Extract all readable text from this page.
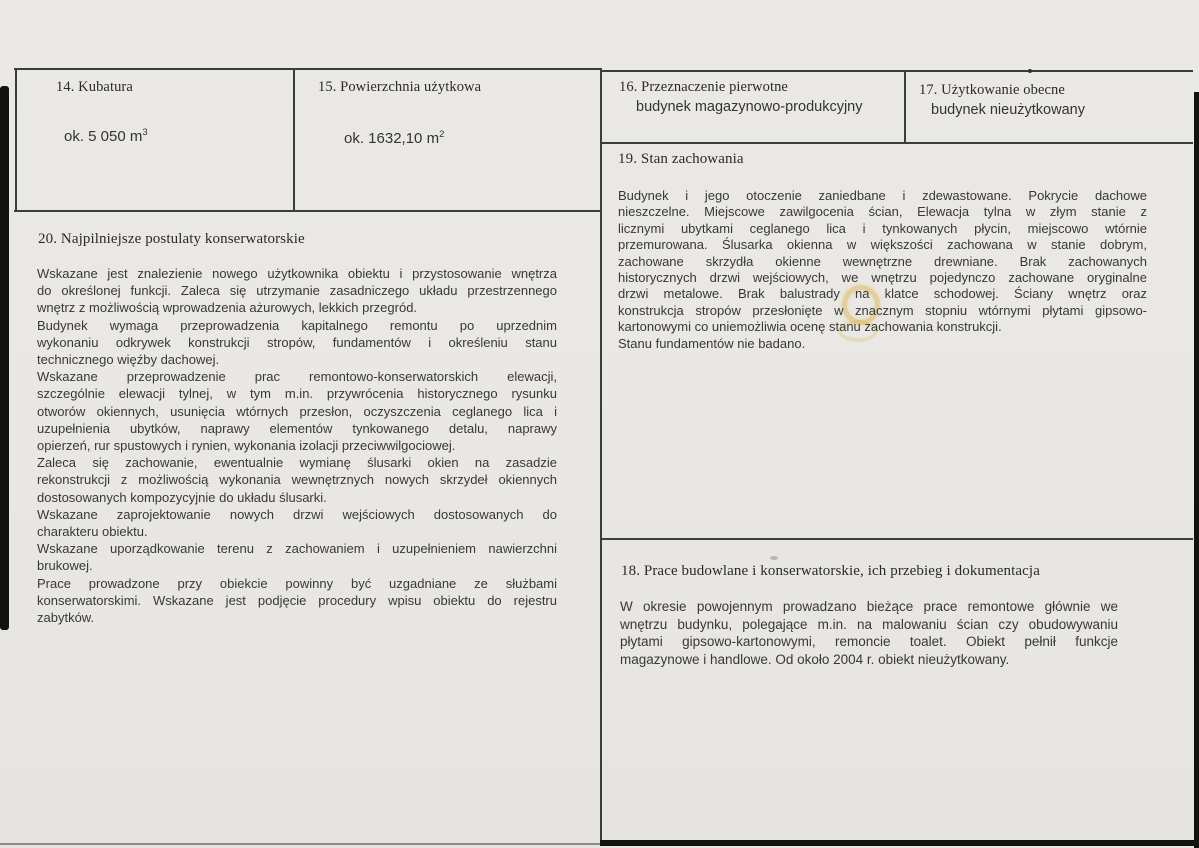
14. Kubatura
ok. 5 050 $m^3$
15. Powierzchnia użytkowa
ok. 1632,10 $m^2$
16. Przeznaczenie pierwotne
budynek magazynowo-produkcyjny
17. Użytkowanie obecne
budynek nieużytkowany
19. Stan zachowania
Budynek i jego otoczenie zaniedbane i zdewastowane. Pokrycie dachowe
nieszczelne. Miejscowe zawilgocenia ścian, Elewacja tylna w złym stanie z
licznymi ubytkami ceglanego lica i tynkowanych płycin, miejscowo wtórnie
przemurowana. Ślusarka okienna w większości zachowana w stanie dobrym,
zachowane skrzydła okienne wewnętrzne drewniane. Brak zachowanych
historycznych drzwi wejściowych, we wnętrzu pojedynczo zachowane oryginalne
drzwi metalowe. Brak balustrady na klatce schodowej. Ściany wnętrz oraz
konstrukcja stropów przesłonięte w znacznym stopniu wtórnymi płytami gipsowo-
kartonowymi co uniemożliwia ocenę stanu zachowania konstrukcji.
Stanu fundamentów nie badano.
20. Najpilniejsze postulaty konserwatorskie
Wskazane jest znalezienie nowego użytkownika obiektu i przystosowanie wnętrza
do określonej funkcji. Zaleca się utrzymanie zasadniczego układu przestrzennego
wnętrz z możliwością wprowadzenia ażurowych, lekkich przegród.
Budynek wymaga przeprowadzenia kapitalnego remontu po uprzednim
wykonaniu odkrywek konstrukcji stropów, fundamentów i określeniu stanu
technicznego więźby dachowej.
Wskazane przeprowadzenie prac remontowo-konserwatorskich elewacji,
szczególnie elewacji tylnej, w tym m.in. przywrócenia historycznego rysunku
otworów okiennych, usunięcia wtórnych przesłon, oczyszczenia ceglanego lica i
uzupełnienia ubytków, naprawy elementów tynkowanego detalu, naprawy
opierzeń, rur spustowych i rynien, wykonania izolacji przeciwwilgociowej.
Zaleca się zachowanie, ewentualnie wymianę ślusarki okien na zasadzie
rekonstrukcji z możliwością wykonania wewnętrznych nowych skrzydeł okiennych
dostosowanych kompozycyjnie do układu ślusarki.
Wskazane zaprojektowanie nowych drzwi wejściowych dostosowanych do
charakteru obiektu.
Wskazane uporządkowanie terenu z zachowaniem i uzupełnieniem nawierzchni
brukowej.
Prace prowadzone przy obiekcie powinny być uzgadniane ze służbami
konserwatorskimi. Wskazane jest podjęcie procedury wpisu obiektu do rejestru
zabytków.
18. Prace budowlane i konserwatorskie, ich przebieg i dokumentacja
W okresie powojennym prowadzano bieżące prace remontowe głównie we
wnętrzu budynku, polegające m.in. na malowaniu ścian czy obudowywaniu
płytami gipsowo-kartonowymi, remoncie toalet. Obiekt pełnił funkcje
magazynowe i handlowe. Od około 2004 r. obiekt nieużytkowany.
